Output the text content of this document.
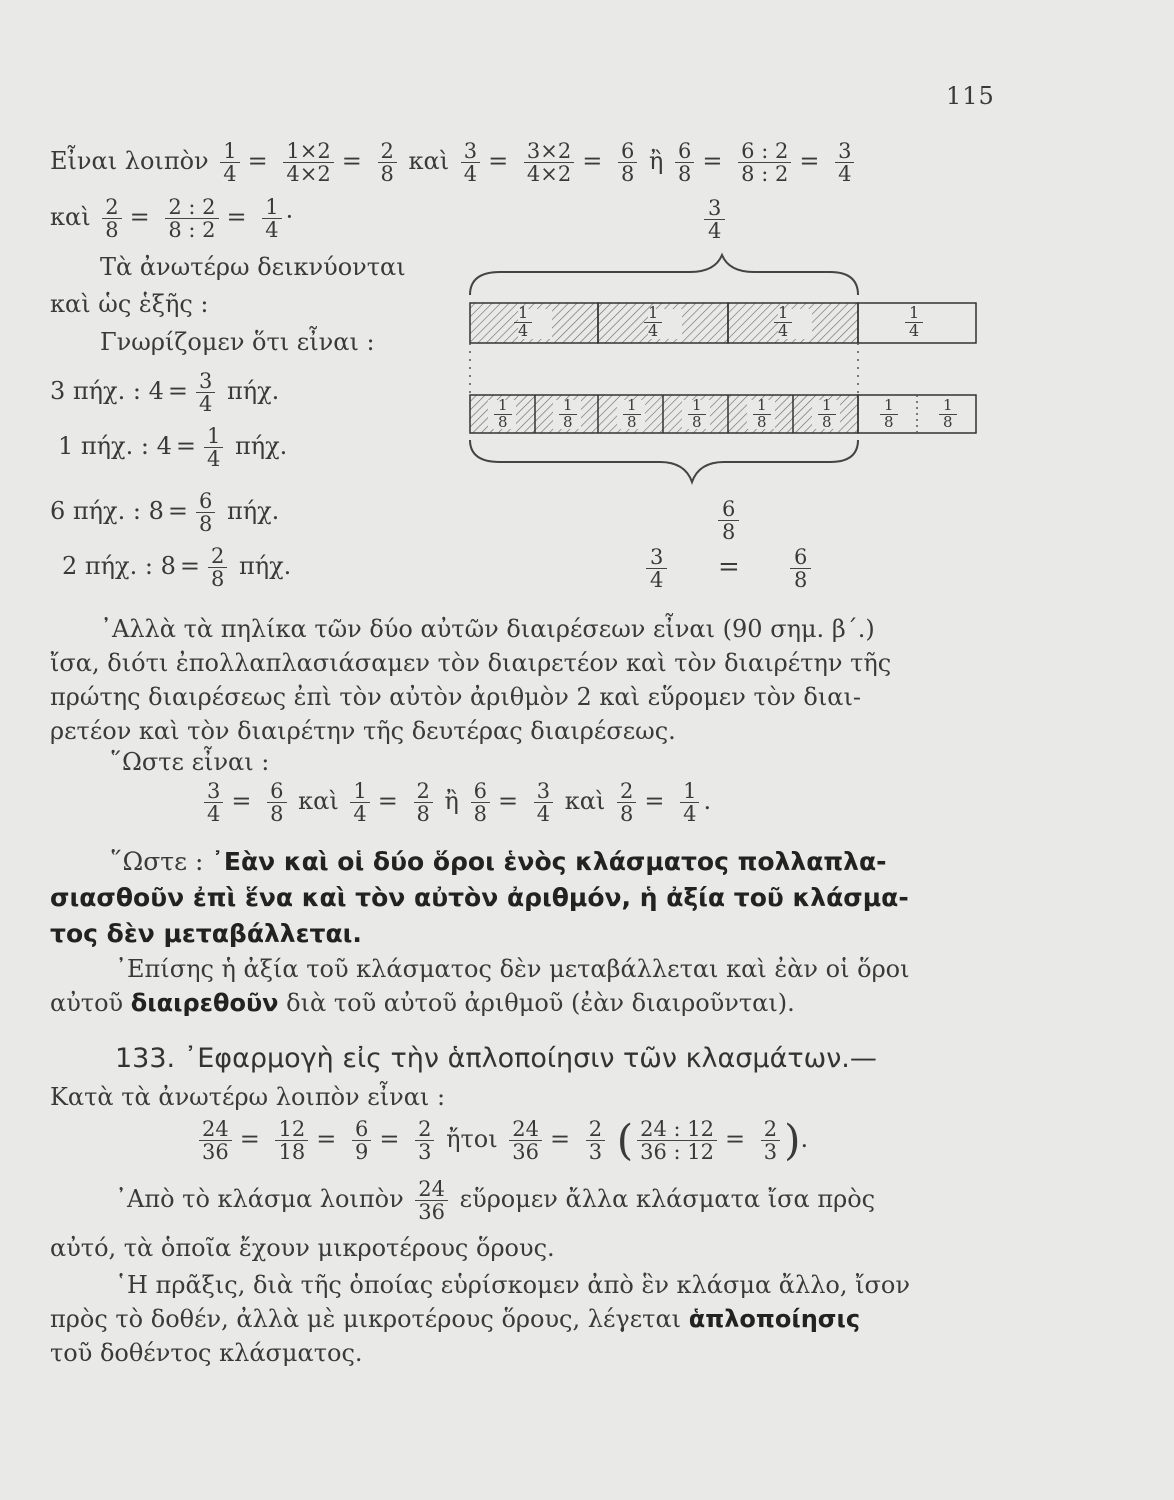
115
Εἶναι λοιπὸν $\frac{1}{4} = \frac{1\times 2}{4\times 2} = \frac{2}{8}$ καὶ $\frac{3}{4} = \frac{3\times 2}{4\times 2} = \frac{6}{8}$ ἢ $\frac{6}{8} = \frac{6 : 2}{8 : 2} = \frac{3}{4}$
καὶ $\frac{2}{8} = \frac{2 : 2}{8 : 2} = \frac{1}{4}$ ·
Τὰ ἀνωτέρω δεικνύονται
καὶ ὡς ἑξῆς :
Γνωρίζομεν ὅτι εἶναι :
3 πήχ. : $4 = \frac{3}{4} \pi ή\chi$.
1 πήχ. : $4 = \frac{1}{4} \pi ή\chi$.
6 πήχ. : $8 = \frac{6}{8} \pi ή\chi$.
2 πήχ. : $8 = \frac{2}{8} \pi ή\chi$.
3
4
1
4
1
4
1
4
1
4
1
8
1
8
1
8
1
8
1
8
1
8
1
8
1
8
6
8
3
4 =	6
8
᾿Αλλὰ τὰ πηλίκα τῶν δύο αὐτῶν διαιρέσεων εἶναι (90 σημ. β΄.)
ἴσα, διότι ἐπολλαπλασιάσαμεν τὸν διαιρετέον καὶ τὸν διαιρέτην τῆς
πρώτης διαιρέσεως ἐπὶ τὸν αὐτὸν ἀριθμὸν 2 καὶ εὕρομεν τὸν διαι-
ρετέον καὶ τὸν διαιρέτην τῆς δευτέρας διαιρέσεως.
῞Ωστε εἶναι :
$\frac{3}{4} = \frac{6}{8}$ καὶ $\frac{1}{4} = \frac{2}{8}$ ἢ $\frac{6}{8} = \frac{3}{4}$ καὶ $\frac{2}{8} = \frac{1}{4}$ .
῞Ωστε : ᾿Εὰν καὶ οἱ δύο ὅροι ἑνὸς κλάσματος πολλαπλα-
σιασθοῦν ἐπὶ ἕνα καὶ τὸν αὐτὸν ἀριθμόν, ἡ ἀξία τοῦ κλάσμα-
τος δὲν μεταβάλλεται.
᾿Επίσης ἡ ἀξία τοῦ κλάσματος δὲν μεταβάλλεται καὶ ἐὰν οἱ ὅροι
αὐτοῦ διαιρεθοῦν διὰ τοῦ αὐτοῦ ἀριθμοῦ (ἐὰν διαιροῦνται).
133. ᾿Εφαρμογὴ εἰς τὴν ἁπλοποίησιν τῶν κλασμάτων.—
Κατὰ τὰ ἀνωτέρω λοιπὸν εἶναι :
$\frac{24}{36} = \frac{12}{18} = \frac{6}{9} = \frac{2}{3}$ ἤτοι $\frac{24}{36} = \frac{2}{3}$ ( $\frac{24 : 12}{36 : 12} = \frac{2}{3}$ ).
᾿Απὸ τὸ κλάσμα λοιπὸν $\frac{24}{36}$ εὕρομεν ἄλλα κλάσματα ἴσα πρὸς
αὐτό, τὰ ὁποῖα ἔχουν μικροτέρους ὅρους.
῾Η πρᾶξις, διὰ τῆς ὁποίας εὑρίσκομεν ἀπὸ ἓν κλάσμα ἄλλο, ἴσον
πρὸς τὸ δοθέν, ἀλλὰ μὲ μικροτέρους ὅρους, λέγεται ἁπλοποίησις
τοῦ δοθέντος κλάσματος.
